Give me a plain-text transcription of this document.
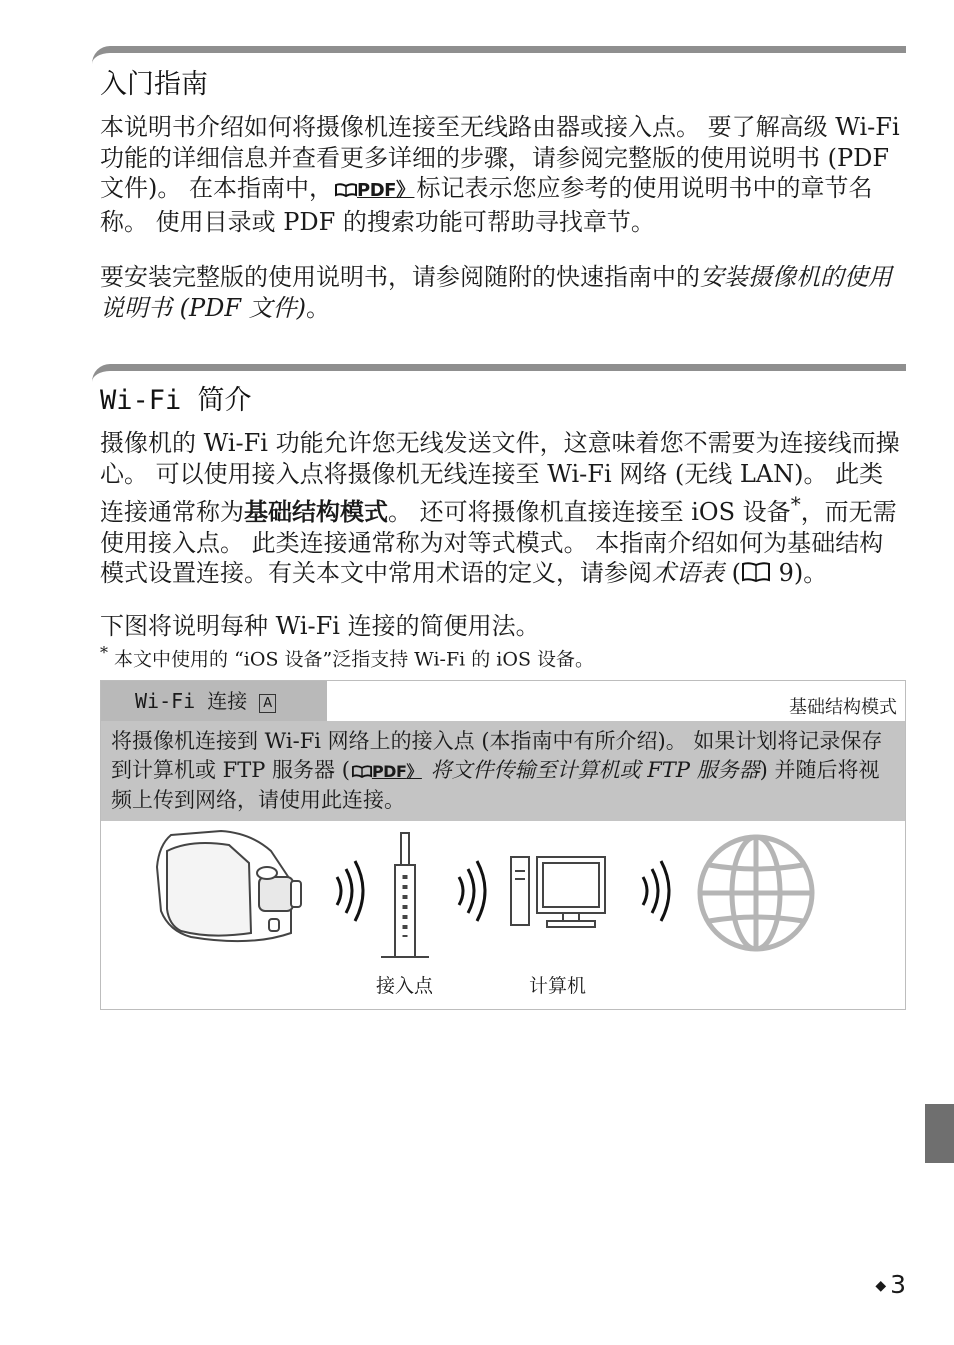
入门指南

本说明书介绍如何将摄像机连接至无线路由器或接入点。 要了解高级 Wi-Fi 功能的详细信息并查看更多详细的步骤，请参阅完整版的使用说明书 (PDF 文件)。 在本指南中， PDF》标记表示您应参考的使用说明书中的章节名称。 使用目录或 PDF 的搜索功能可帮助寻找章节。

要安装完整版的使用说明书，请参阅随附的快速指南中的安装摄像机的使用说明书 (PDF 文件)。

Wi-Fi 简介

摄像机的 Wi-Fi 功能允许您无线发送文件，这意味着您不需要为连接线而操心。 可以使用接入点将摄像机无线连接至 Wi-Fi 网络 (无线 LAN)。 此类连接通常称为基础结构模式。 还可将摄像机直接连接至 iOS 设备*，而无需使用接入点。 此类连接通常称为对等式模式。 本指南介绍如何为基础结构模式设置连接。有关本文中常用术语的定义，请参阅术语表 ( 9)。

下图将说明每种 Wi-Fi 连接的简便用法。

* 本文中使用的 “iOS 设备”泛指支持 Wi-Fi 的 iOS 设备。
Wi-Fi 连接 A	基础结构模式
将摄像机连接到 Wi-Fi 网络上的接入点 (本指南中有所介绍)。 如果计划将记录保存到计算机或 FTP 服务器 ( PDF》 将文件传输至计算机或 FTP 服务器) 并随后将视频上传到网络，请使用此连接。
接入点	计算机
◆ 3
